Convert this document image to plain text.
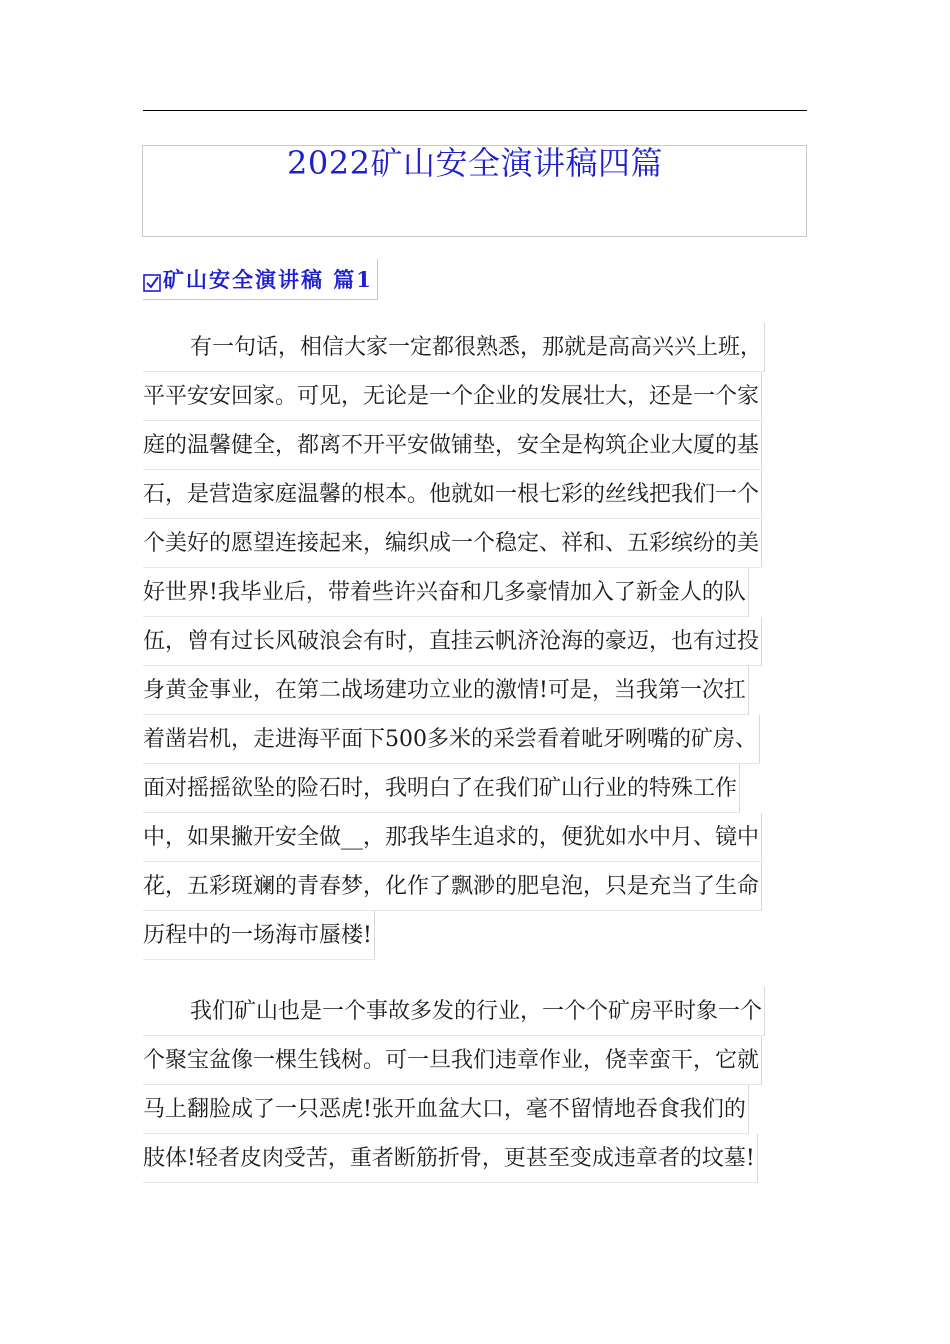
2022矿山安全演讲稿四篇
矿山安全演讲稿 篇1
有一句话，相信大家一定都很熟悉，那就是高高兴兴上班，
平平安安回家。可见，无论是一个企业的发展壮大，还是一个家
庭的温馨健全，都离不开平安做铺垫，安全是构筑企业大厦的基
石，是营造家庭温馨的根本。他就如一根七彩的丝线把我们一个
个美好的愿望连接起来，编织成一个稳定、祥和、五彩缤纷的美
好世界!我毕业后，带着些许兴奋和几多豪情加入了新金人的队
伍，曾有过长风破浪会有时，直挂云帆济沧海的豪迈，也有过投
身黄金事业，在第二战场建功立业的激情!可是，当我第一次扛
着凿岩机，走进海平面下500多米的采尝看着呲牙咧嘴的矿房、
面对摇摇欲坠的险石时，我明白了在我们矿山行业的特殊工作
中，如果撇开安全做__，那我毕生追求的，便犹如水中月、镜中
花，五彩斑斓的青春梦，化作了飘渺的肥皂泡，只是充当了生命
历程中的一场海市蜃楼!
我们矿山也是一个事故多发的行业，一个个矿房平时象一个
个聚宝盆像一棵生钱树。可一旦我们违章作业，侥幸蛮干，它就
马上翻脸成了一只恶虎!张开血盆大口，毫不留情地吞食我们的
肢体!轻者皮肉受苦，重者断筋折骨，更甚至变成违章者的坟墓!
